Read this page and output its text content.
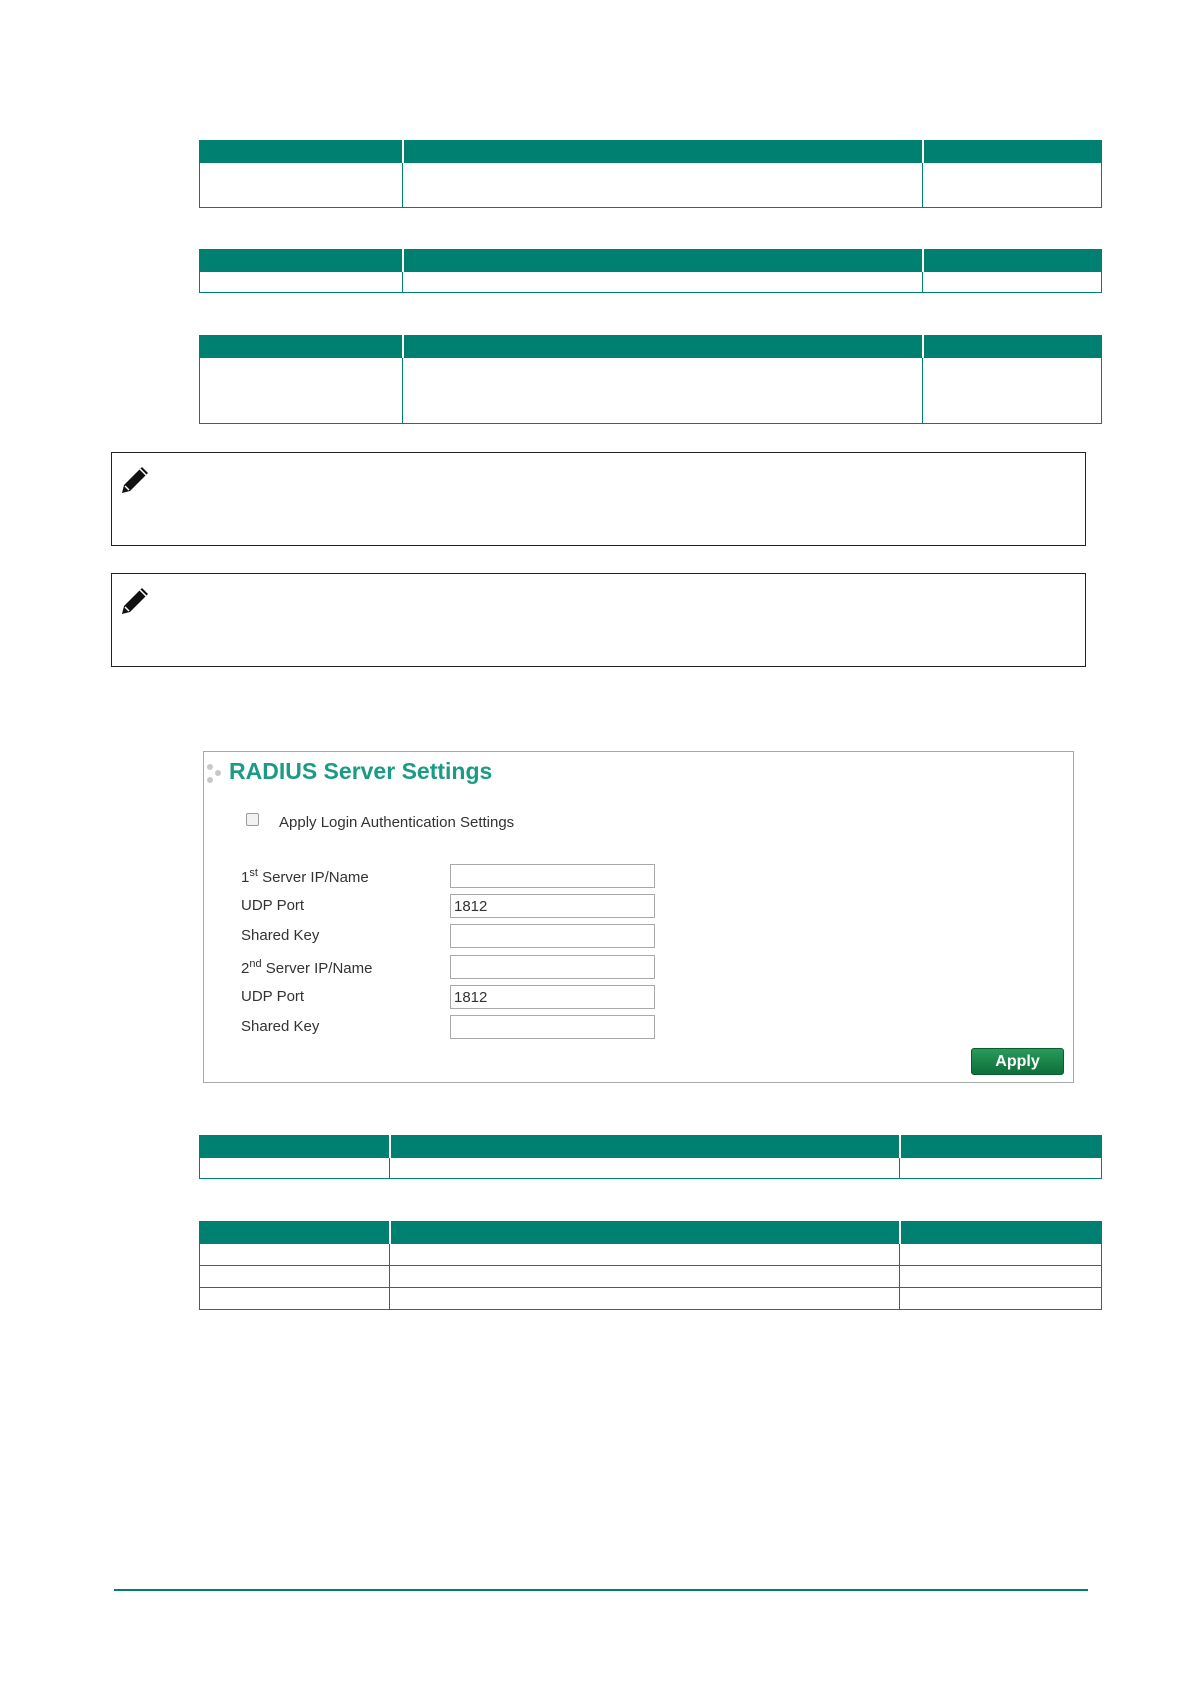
RADIUS Server Settings
Apply Login Authentication Settings
1st Server IP/Name
UDP Port
1812
Shared Key
2nd Server IP/Name
UDP Port
1812
Shared Key
Apply
